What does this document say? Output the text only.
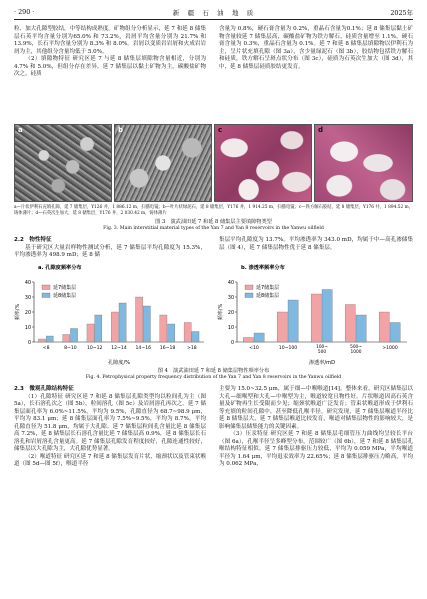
· 290 ·	新　疆　石　油　地　质	2025年

粒、加大孔隙型胶结，中等结构成熟度。矿物组分分析显示，延 7 和延 8 储集层石英平均含量分别为65.0% 和 73.2%，岩屑平均含量分别为 21.7% 和13.9%，长石平均含量分别为 8.3% 和 8.0%。岩屑以变质岩岩屑和火成岩岩屑为主，其他组分含量均低于 5.0%。

（2）填隙物特征 研究区延 7 与延 8 储集层填隙物含量相近，分别为 4.7% 和 5.0%，但组分存在差异。延 7 储集层以黏土矿物为主，碳酸盐矿物次之，硅质

含量为 0.8%，硬石膏含量为 0.2%，重晶石含量为0.1%；延 8 储集层黏土矿物含量较延 7 储集层高，碳酸盐矿物为铁方解石，硅质含量增至 1.1%，硬石膏含量为 0.3%，重晶石含量为 0.1%。延 7 和延 8 储集层填隙物以伊利石为主，呈片状充填孔隙（图 3a），含少量绿泥石（图 3b），胶结物包括铁方解石和硅质，铁方解石呈斑点状分布（图 3c），硅质为石英次生加大（图 3d），其中，延 8 储集层硅质胶结更发育。

a	b	c	d
a—片状伊利石充填孔隙，延 7 储集层，Y126 井，1 886.12 m，扫描电镜；b—叶片状绿泥石，延 8 储集层，Y176 井，1 914.25 m，扫描电镜；c—铁方解石胶结，延 8 储集层，Y176 井，1 894.52 m，铸体薄片；d—石英次生加大，延 8 储集层，Y176 井，2 030.42 m，铸体薄片
图 3　演武油田延 7 和延 8 储集层主要填隙物类型
Fig. 3. Main interstitial material types of the Yan 7 and Yan 8 reservoirs in the Yanwu oilfield

2.2　物性特征

基于研究区大量岩样物性测试分析，延 7 储集层平均孔隙度为 15.3%，平均渗透率为 498.9 mD；延 8 储

集层平均孔隙度为 13.7%，平均渗透率为 343.0 mD，均属于中—高孔渗储集层（图 4），延 7 储集层物性优于延 8 储集层。

a. 孔隙度频率分布
延7储集层
延8储集层
0
10
20
30
40
频率/%
<8	8~10 10~12 12~14 14~16 16~18	>18
孔隙度/%
b. 渗透率频率分布
延7储集层
延8储集层
0
10
20
30
40
频率/%
<10	10~100	100~
500
500~
1000
>1000
渗透率/mD
图 4　演武油田延 7 和延 8 储集层物性频率分布
Fig. 4. Petrophysical property frequency distribution of the Yan 7 and Yan 8 reservoirs in the Yanwu oilfield

2.3　微观孔隙结构特征

（1）孔隙特征 研究区延 7 和延 8 储集层孔隙类型均以粒间孔为主（图 5a），长石溶孔次之（图 5b），粒间溶孔（图 5c）及岩屑溶孔再次之。延 7 储集层面孔率为 6.0%~11.5%，平均为 9.5%，孔隙直径为 68.7~98.9 μm，平均为 83.1 μm；延 8 储集层面孔率为 7.5%~9.5%，平均为 8.7%，平均孔隙直径为 51.8 μm，均属于大孔隙。延 7 储集层粒间孔含量比延 8 储集层高 7.2%，延 8 储集层长石溶孔含量比延 7 储集层高 0.9%，延 8 储集层长石溶孔和岩屑溶孔含量更高。延 7 储集层孔隙发育程度较好，孔隙连通性较好，储集层以大孔隙为主，大孔隙优势显著。

（2）喉道特征 研究区延 7 和延 8 储集层发育片状、缩颈状以及管束状喉道（图 5d—图 5f），喉道半径

主要为 15.0~32.5 μm，属于细—中喉喉道[14]。整体来看，研究区储集层以大孔—细喉型和大孔—中喉型为主，喉道较宽且物性好。片状喉道因高石英含量及矿物再生长受限而少见；缩颈状喉道广泛发育；管束状喉道形成于伊利石等充填的粒间孔隙中，甚至降低孔喉半径。研究发现，延 7 储集层喉道半径比延 8 储集层大，延 7 储集层喉道比较发育，喉道对储集层物性的影响较大，是影响储集层储集能力的关键因素。

（3）压汞特征 研究区延 7 和延 8 储集层毛细管压力曲线均呈较长平台（图 6a），孔喉半径呈多峰型分布，范围较广（图 6b），延 7 和延 8 储集层孔喉结构特征相似。延 7 储集层排驱压力较低，平均为 0.059 MPa，平均喉道半径为 1.64 μm，平均退汞效率为 22.65%；延 8 储集层排驱压力略高，平均为 0.062 MPa，
